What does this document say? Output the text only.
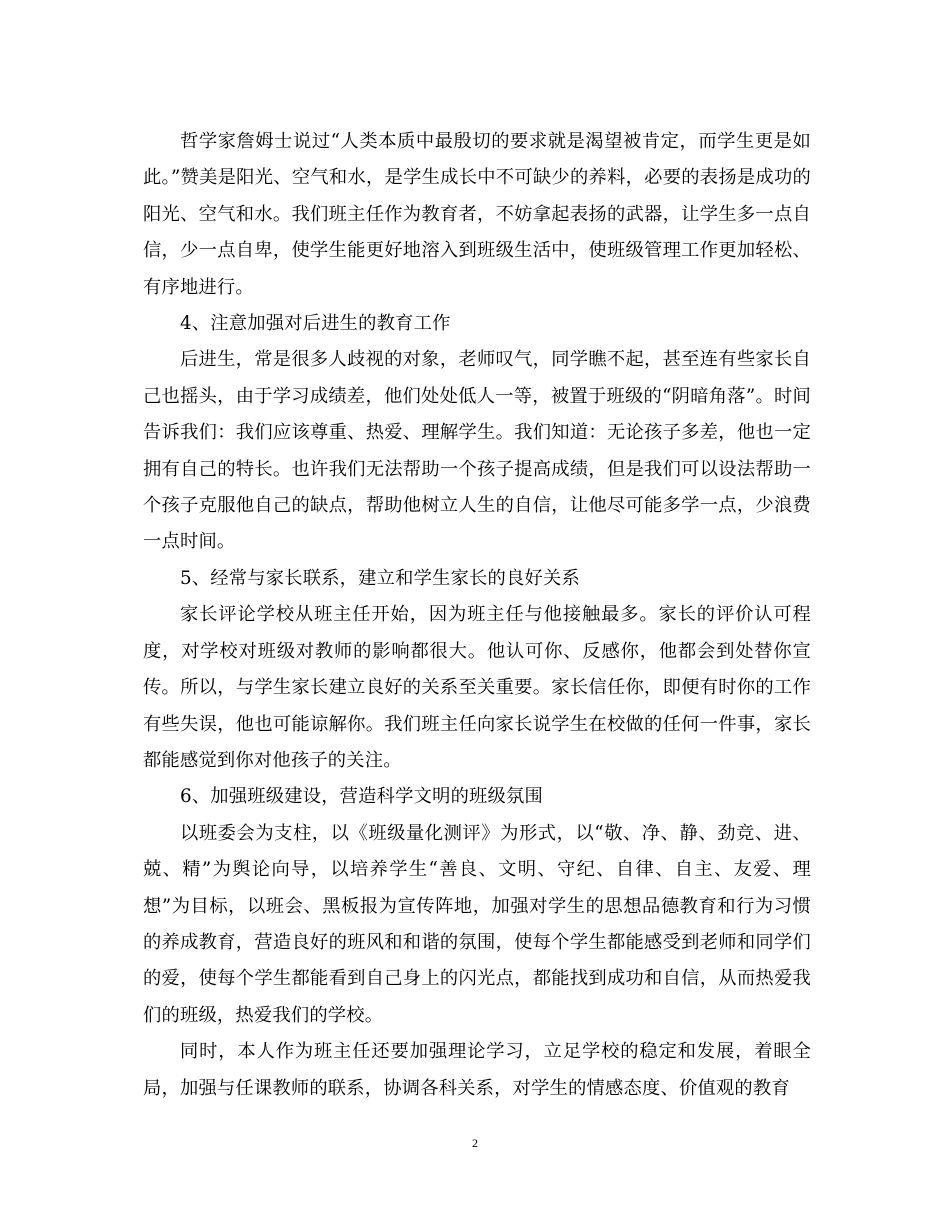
哲学家詹姆士说过“人类本质中最殷切的要求就是渴望被肯定，而学生更是如此。”赞美是阳光、空气和水，是学生成长中不可缺少的养料，必要的表扬是成功的阳光、空气和水。我们班主任作为教育者，不妨拿起表扬的武器，让学生多一点自信，少一点自卑，使学生能更好地溶入到班级生活中，使班级管理工作更加轻松、有序地进行。

4、注意加强对后进生的教育工作

后进生，常是很多人歧视的对象，老师叹气，同学瞧不起，甚至连有些家长自己也摇头，由于学习成绩差，他们处处低人一等，被置于班级的“阴暗角落”。时间告诉我们：我们应该尊重、热爱、理解学生。我们知道：无论孩子多差，他也一定拥有自己的特长。也许我们无法帮助一个孩子提高成绩，但是我们可以设法帮助一个孩子克服他自己的缺点，帮助他树立人生的自信，让他尽可能多学一点，少浪费一点时间。

5、经常与家长联系，建立和学生家长的良好关系

家长评论学校从班主任开始，因为班主任与他接触最多。家长的评价认可程度，对学校对班级对教师的影响都很大。他认可你、反感你，他都会到处替你宣传。所以，与学生家长建立良好的关系至关重要。家长信任你，即便有时你的工作有些失误，他也可能谅解你。我们班主任向家长说学生在校做的任何一件事，家长都能感觉到你对他孩子的关注。

6、加强班级建设，营造科学文明的班级氛围

以班委会为支柱，以《班级量化测评》为形式，以“敬、净、静、劲竞、进、兢、精”为舆论向导，以培养学生“善良、文明、守纪、自律、自主、友爱、理想”为目标，以班会、黑板报为宣传阵地，加强对学生的思想品德教育和行为习惯的养成教育，营造良好的班风和和谐的氛围，使每个学生都能感受到老师和同学们的爱，使每个学生都能看到自己身上的闪光点，都能找到成功和自信，从而热爱我们的班级，热爱我们的学校。

同时，本人作为班主任还要加强理论学习，立足学校的稳定和发展，着眼全局，加强与任课教师的联系，协调各科关系，对学生的情感态度、价值观的教育

2
